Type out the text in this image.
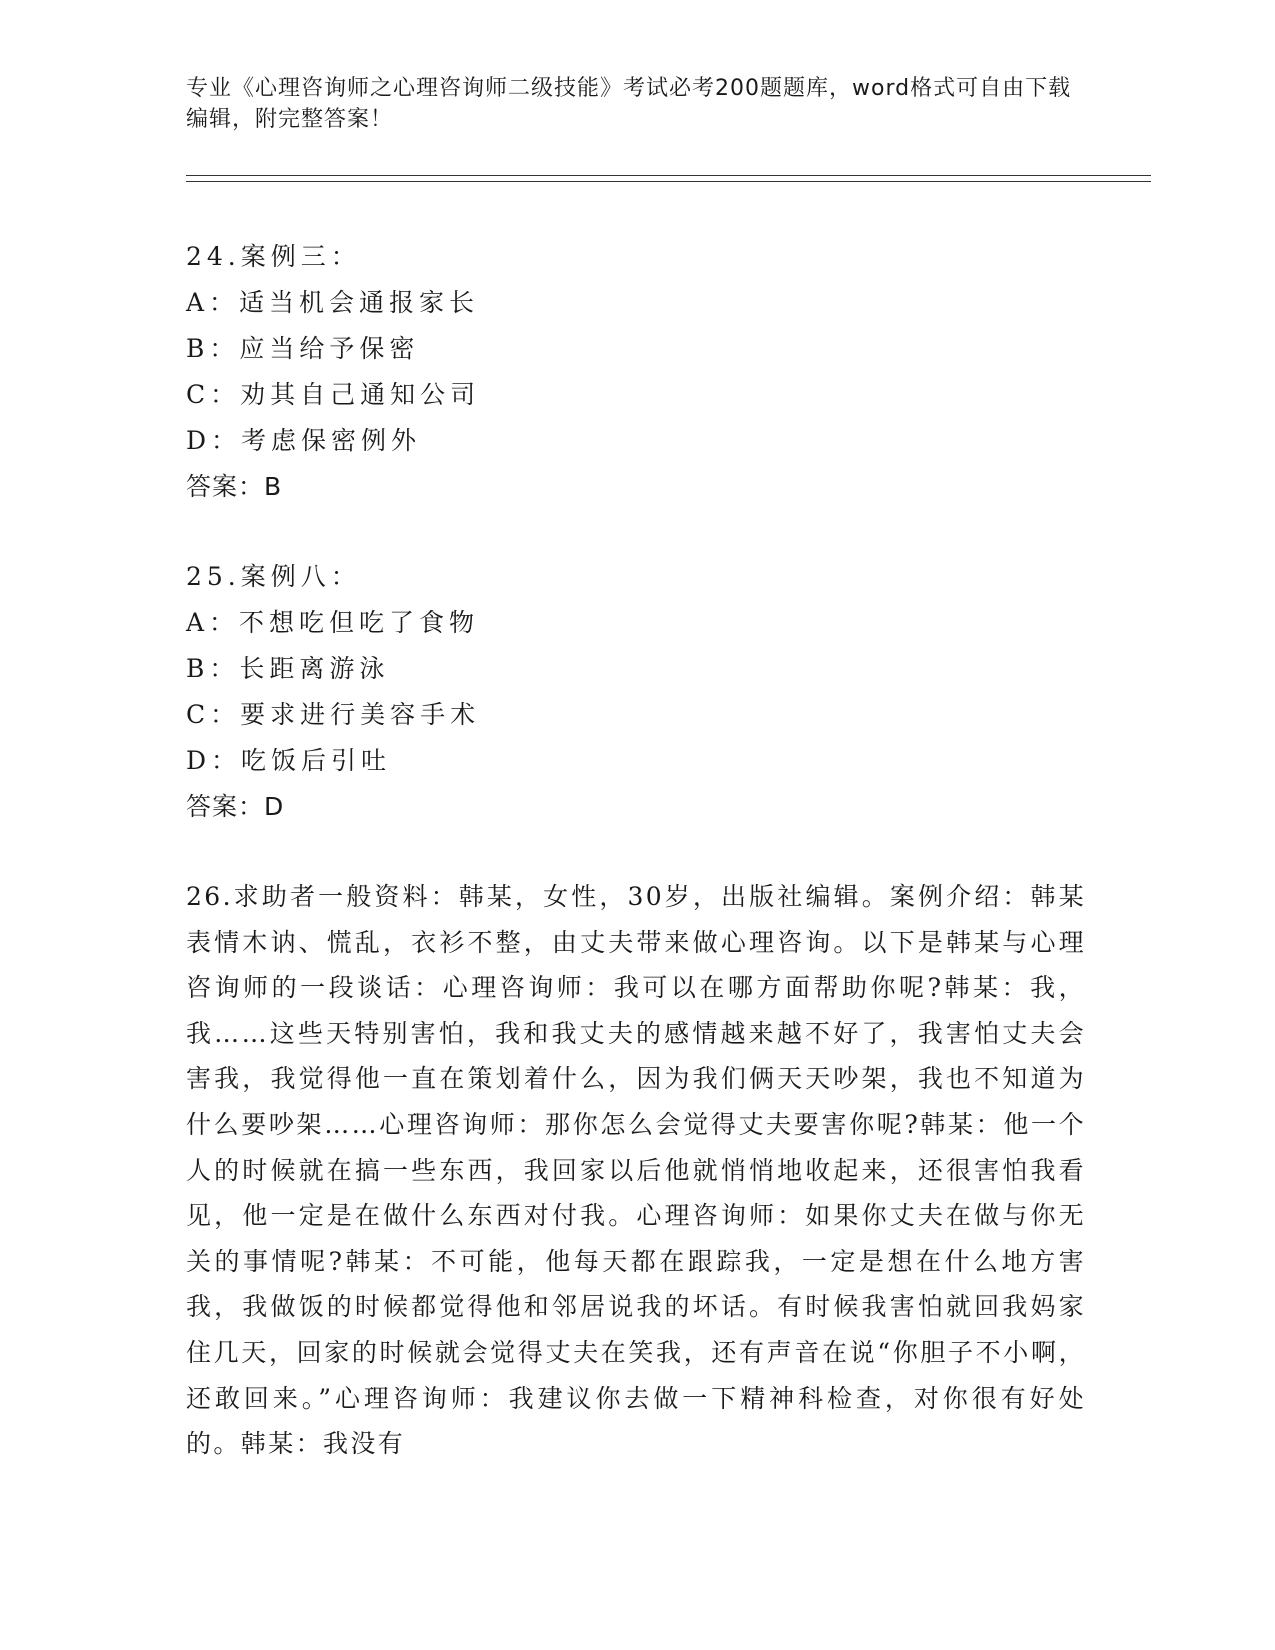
专业《心理咨询师之心理咨询师二级技能》考试必考200题题库，word格式可自由下载编辑，附完整答案！
24.案例三：
A：适当机会通报家长
B：应当给予保密
C：劝其自己通知公司
D：考虑保密例外
答案：B
25.案例八：
A：不想吃但吃了食物
B：长距离游泳
C：要求进行美容手术
D：吃饭后引吐
答案：D
26.求助者一般资料：韩某，女性，30岁，出版社编辑。案例介绍：韩某表情木讷、慌乱，衣衫不整，由丈夫带来做心理咨询。以下是韩某与心理咨询师的一段谈话：心理咨询师：我可以在哪方面帮助你呢?韩某：我，我……这些天特别害怕，我和我丈夫的感情越来越不好了，我害怕丈夫会害我，我觉得他一直在策划着什么，因为我们俩天天吵架，我也不知道为什么要吵架……心理咨询师：那你怎么会觉得丈夫要害你呢?韩某：他一个人的时候就在搞一些东西，我回家以后他就悄悄地收起来，还很害怕我看见，他一定是在做什么东西对付我。心理咨询师：如果你丈夫在做与你无关的事情呢?韩某：不可能，他每天都在跟踪我，一定是想在什么地方害我，我做饭的时候都觉得他和邻居说我的坏话。有时候我害怕就回我妈家住几天，回家的时候就会觉得丈夫在笑我，还有声音在说“你胆子不小啊，还敢回来。”心理咨询师：我建议你去做一下精神科检查，对你很有好处的。韩某：我没有
